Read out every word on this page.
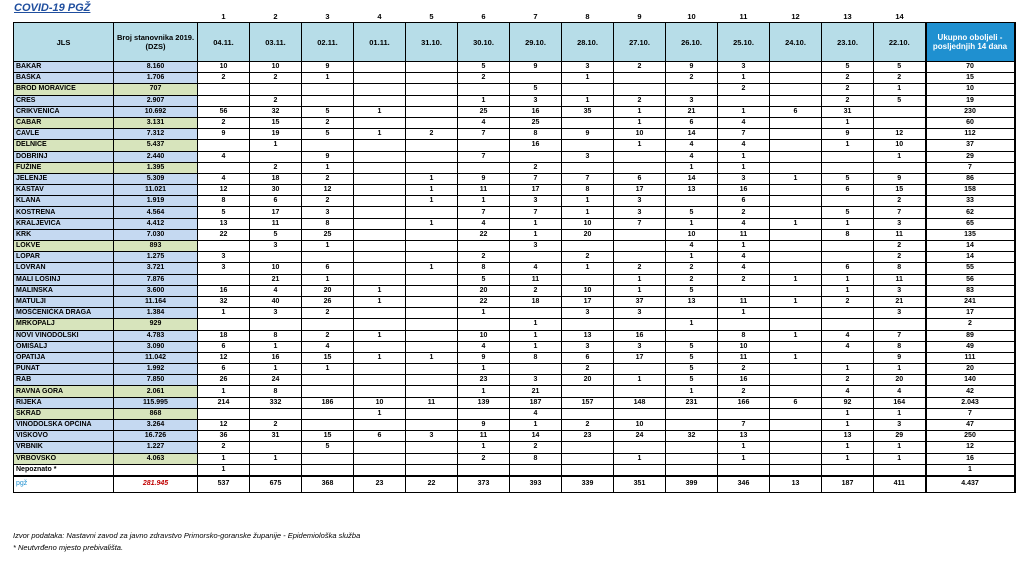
COVID-19 PGŽ
		1	2	3	4	5	6	7	8	9	10	11	12	13	14	
JLS	Broj stanovnika 2019. (DZS)	04.11.	03.11.	02.11.	01.11.	31.10.	30.10.	29.10.	28.10.	27.10.	26.10.	25.10.	24.10.	23.10.	22.10.	Ukupno oboljeli - posljednjih 14 dana
BAKAR	8.160	10	10	9			5	9	3	2	9	3		5	5	70
BAŠKA	1.706	2	2	1			2		1		2	1		2	2	15
BROD MORAVICE	707							5				2		2	1	10
CRES	2.907		2				1	3	1	2	3			2	5	19
CRIKVENICA	10.692	56	32	5	1		25	16	35	1	21	1	6	31		230
ČABAR	3.131	2	15	2			4	25		1	6	4		1		60
ČAVLE	7.312	9	19	5	1	2	7	8	9	10	14	7		9	12	112
DELNICE	5.437		1					16		1	4	4		1	10	37
DOBRINJ	2.440	4		9			7		3		4	1			1	29
FUŽINE	1.395		2	1				2			1	1				7
JELENJE	5.309	4	18	2		1	9	7	7	6	14	3	1	5	9	86
KASTAV	11.021	12	30	12		1	11	17	8	17	13	16		6	15	158
KLANA	1.919	8	6	2		1	1	3	1	3		6			2	33
KOSTRENA	4.564	5	17	3			7	7	1	3	5	2		5	7	62
KRALJEVICA	4.412	13	11	8		1	4	1	10	7	1	4	1	1	3	65
KRK	7.030	22	5	25			22	1	20		10	11		8	11	135
LOKVE	893		3	1				3			4	1			2	14
LOPAR	1.275	3					2		2		1	4			2	14
LOVRAN	3.721	3	10	6		1	8	4	1	2	2	4		6	8	55
MALI LOŠINJ	7.876		21	1			5	11		1	2	2	1	1	11	56
MALINSKA	3.600	16	4	20	1		20	2	10	1	5			1	3	83
MATULJI	11.164	32	40	26	1		22	18	17	37	13	11	1	2	21	241
MOŠĆENIČKA DRAGA	1.384	1	3	2			1		3	3		1			3	17
MRKOPALJ	929							1			1					2
NOVI VINODOLSKI	4.783	18	8	2	1		10	1	13	16		8	1	4	7	89
OMIŠALJ	3.090	6	1	4			4	1	3	3	5	10		4	8	49
OPATIJA	11.042	12	16	15	1	1	9	8	6	17	5	11	1		9	111
PUNAT	1.992	6	1	1			1		2		5	2		1	1	20
RAB	7.850	26	24				23	3	20	1	5	16		2	20	140
RAVNA GORA	2.061	1	8				1	21			1	2		4	4	42
RIJEKA	115.995	214	332	186	10	11	139	187	157	148	231	166	6	92	164	2.043
SKRAD	868				1			4						1	1	7
VINODOLSKA OPĆINA	3.264	12	2				9	1	2	10		7		1	3	47
VIŠKOVO	16.726	36	31	15	6	3	11	14	23	24	32	13		13	29	250
VRBNIK	1.227	2		5			1	2				1		1	1	12
VRBOVSKO	4.063	1	1				2	8		1		1		1	1	16
Nepoznato *		1														1
pgž	281.945	537	675	368	23	22	373	393	339	351	399	346	13	187	411	4.437
Izvor podataka: Nastavni zavod za javno zdravstvo Primorsko-goranske županije - Epidemiološka služba
* Neutvrđeno mjesto prebivališta.
